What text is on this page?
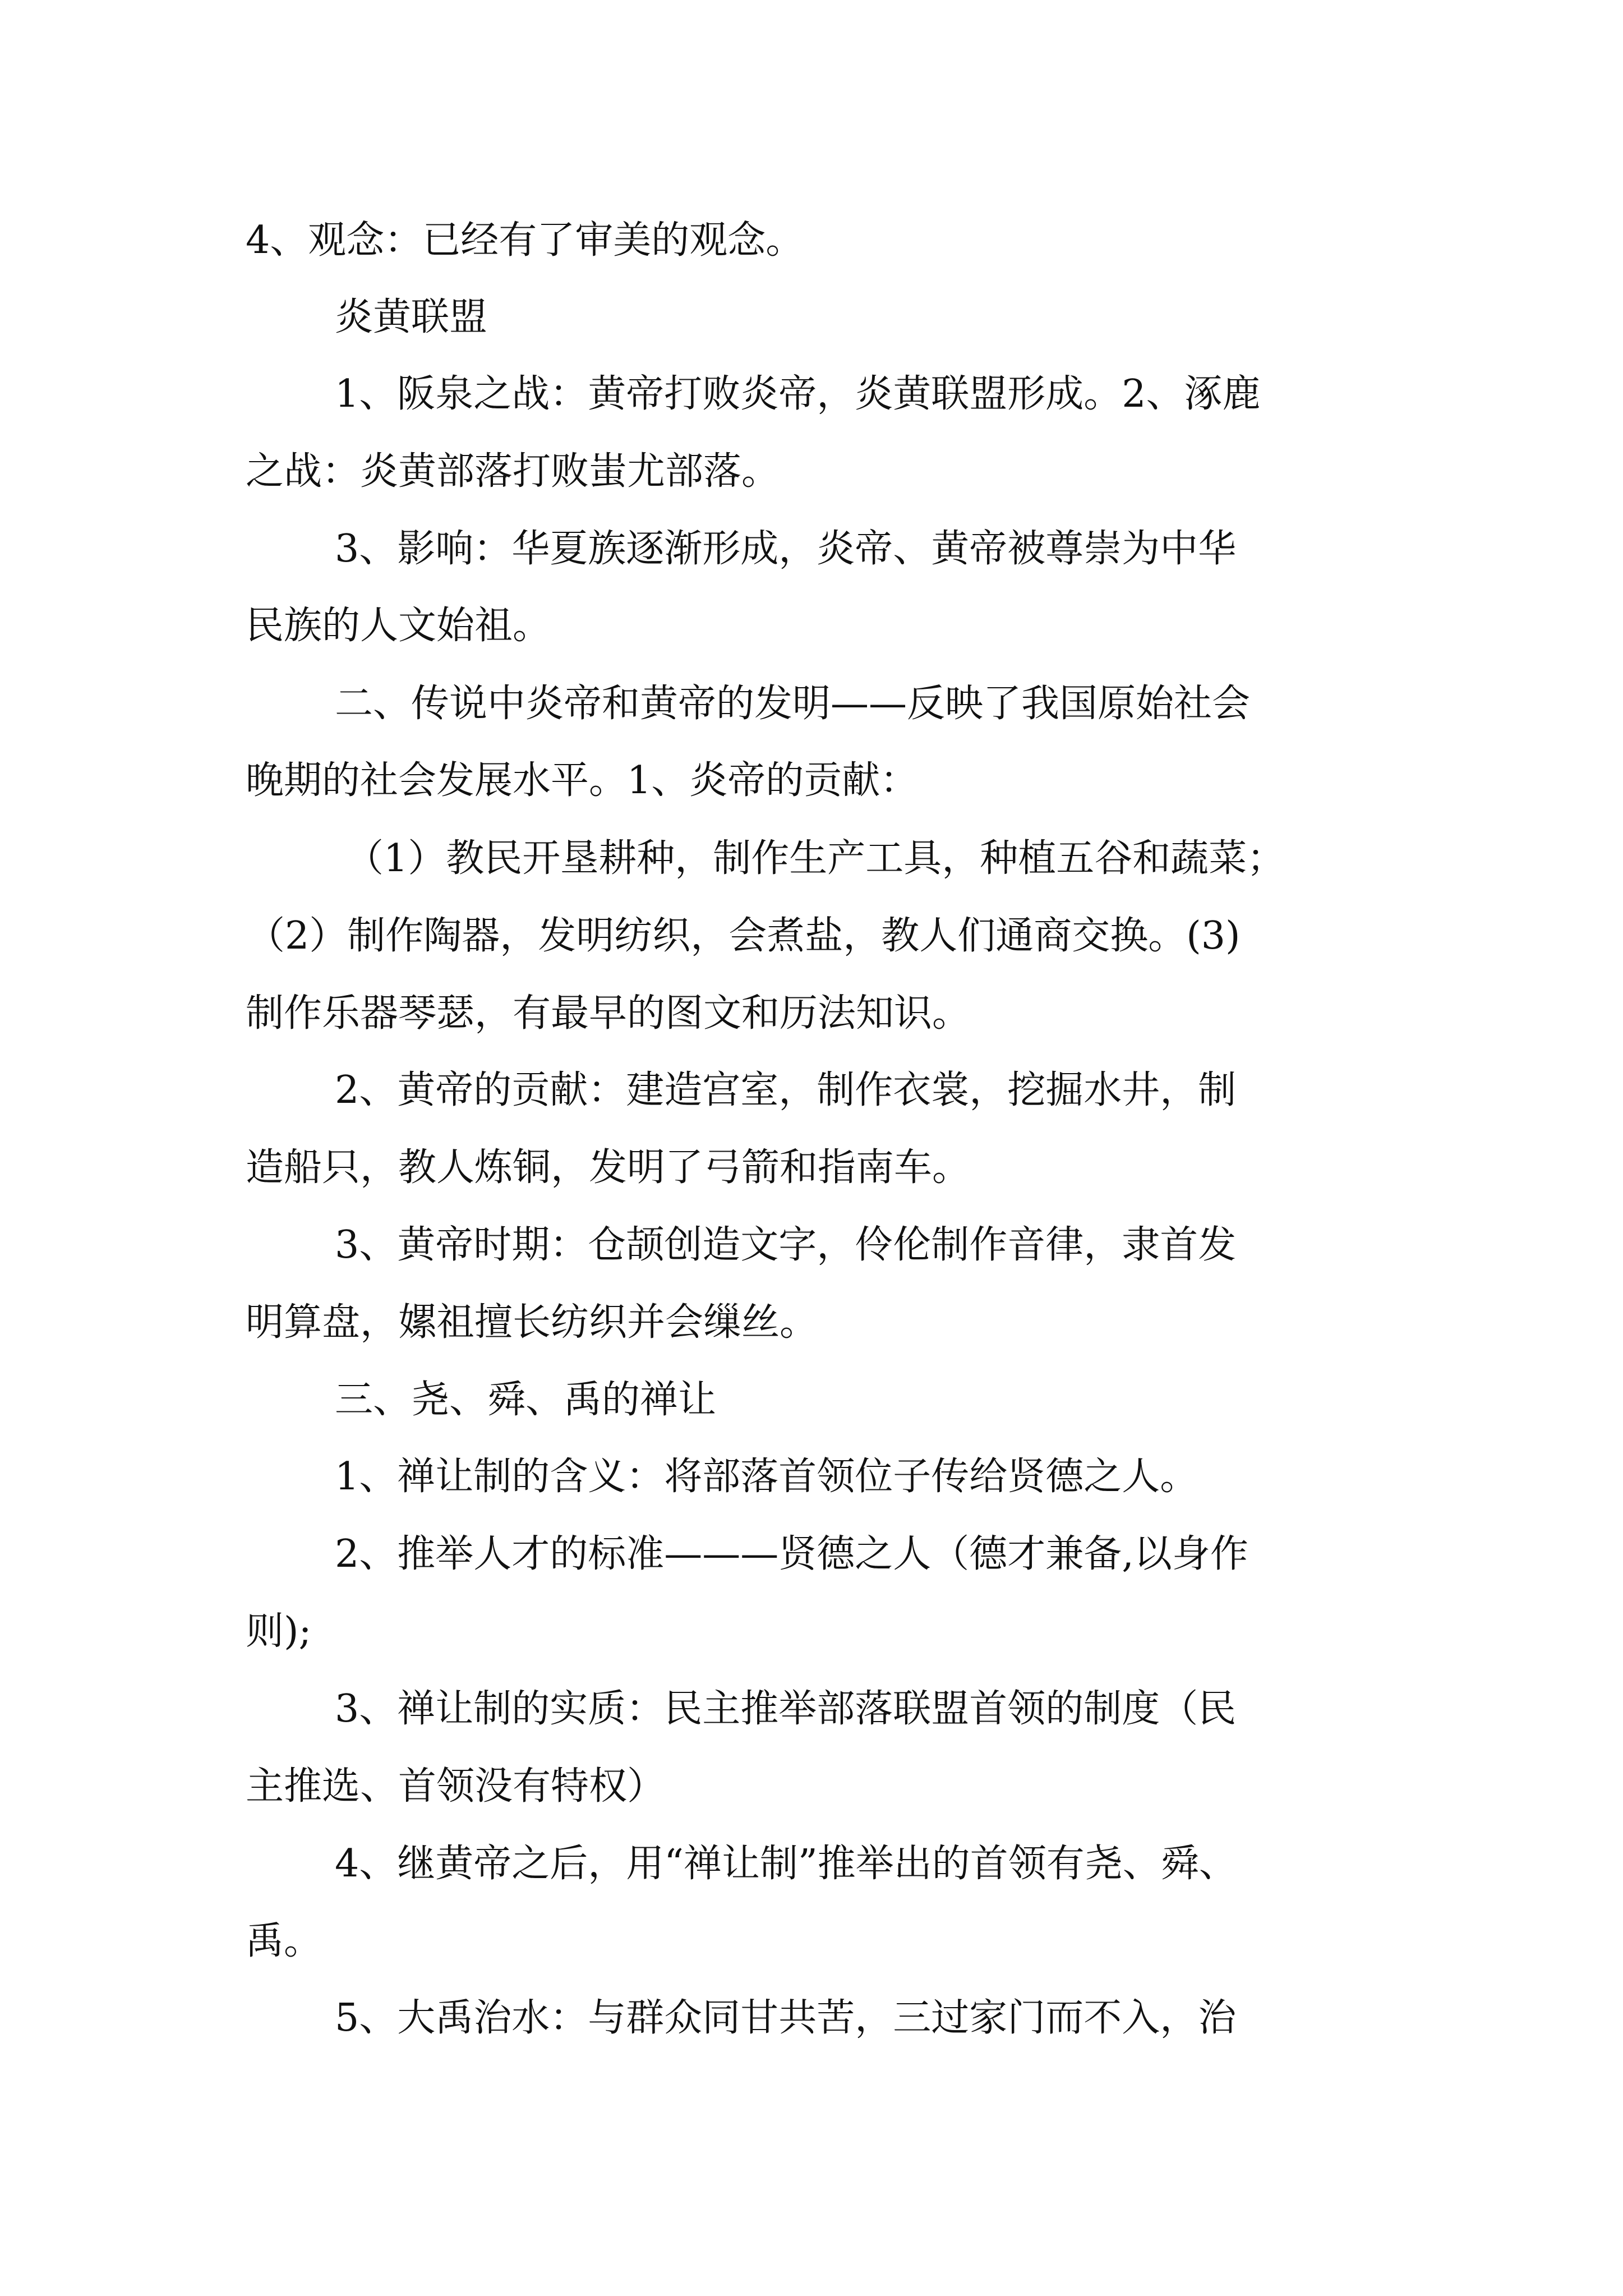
4、观念：已经有了审美的观念。
炎黄联盟
1、阪泉之战：黄帝打败炎帝，炎黄联盟形成。2、涿鹿
之战：炎黄部落打败蚩尤部落。
3、影响：华夏族逐渐形成，炎帝、黄帝被尊崇为中华
民族的人文始祖。
二、传说中炎帝和黄帝的发明——反映了我国原始社会
晚期的社会发展水平。1、炎帝的贡献：
（1）教民开垦耕种，制作生产工具，种植五谷和蔬菜；
（2）制作陶器，发明纺织，会煮盐，教人们通商交换。(3)
制作乐器琴瑟，有最早的图文和历法知识。
2、黄帝的贡献：建造宫室，制作衣裳，挖掘水井，制
造船只，教人炼铜，发明了弓箭和指南车。
3、黄帝时期：仓颉创造文字，伶伦制作音律，隶首发
明算盘，嫘祖擅长纺织并会缫丝。
三、尧、舜、禹的禅让
1、禅让制的含义：将部落首领位子传给贤德之人。
2、推举人才的标准———贤德之人（德才兼备,以身作
则);
3、禅让制的实质：民主推举部落联盟首领的制度（民
主推选、首领没有特权）
4、继黄帝之后，用“禅让制”推举出的首领有尧、舜、
禹。
5、大禹治水：与群众同甘共苦，三过家门而不入，治
